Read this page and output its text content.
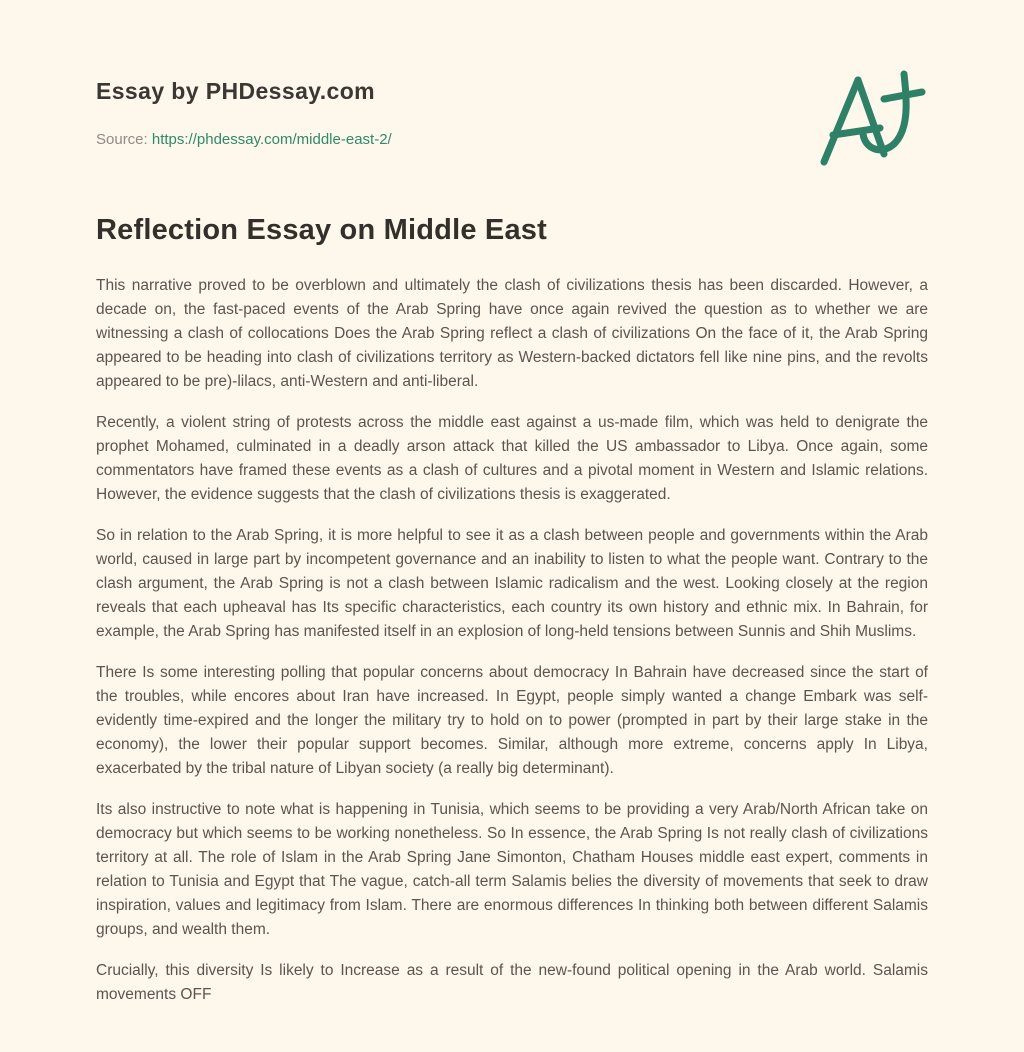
Essay by PHDessay.com

Source: https://phdessay.com/middle-east-2/

Reflection Essay on Middle East

This narrative proved to be overblown and ultimately the clash of civilizations thesis has been discarded. However, a decade on, the fast-paced events of the Arab Spring have once again revived the question as to whether we are witnessing a clash of collocations Does the Arab Spring reflect a clash of civilizations On the face of it, the Arab Spring appeared to be heading into clash of civilizations territory as Western-backed dictators fell like nine pins, and the revolts appeared to be pre)-lilacs, anti-Western and anti-liberal.

Recently, a violent string of protests across the middle east against a us-made film, which was held to denigrate the prophet Mohamed, culminated in a deadly arson attack that killed the US ambassador to Libya. Once again, some commentators have framed these events as a clash of cultures and a pivotal moment in Western and Islamic relations. However, the evidence suggests that the clash of civilizations thesis is exaggerated.

So in relation to the Arab Spring, it is more helpful to see it as a clash between people and governments within the Arab world, caused in large part by incompetent governance and an inability to listen to what the people want. Contrary to the clash argument, the Arab Spring is not a clash between Islamic radicalism and the west. Looking closely at the region reveals that each upheaval has Its specific characteristics, each country its own history and ethnic mix. In Bahrain, for example, the Arab Spring has manifested itself in an explosion of long-held tensions between Sunnis and Shih Muslims.

There Is some interesting polling that popular concerns about democracy In Bahrain have decreased since the start of the troubles, while encores about Iran have increased. In Egypt, people simply wanted a change Embark was self-evidently time-expired and the longer the military try to hold on to power (prompted in part by their large stake in the economy), the lower their popular support becomes. Similar, although more extreme, concerns apply In Libya, exacerbated by the tribal nature of Libyan society (a really big determinant).

Its also instructive to note what is happening in Tunisia, which seems to be providing a very Arab/North African take on democracy but which seems to be working nonetheless. So In essence, the Arab Spring Is not really clash of civilizations territory at all. The role of Islam in the Arab Spring Jane Simonton, Chatham Houses middle east expert, comments in relation to Tunisia and Egypt that The vague, catch-all term Salamis belies the diversity of movements that seek to draw inspiration, values and legitimacy from Islam. There are enormous differences In thinking both between different Salamis groups, and wealth them.

Crucially, this diversity Is likely to Increase as a result of the new-found political opening in the Arab world. Salamis movements OFF
